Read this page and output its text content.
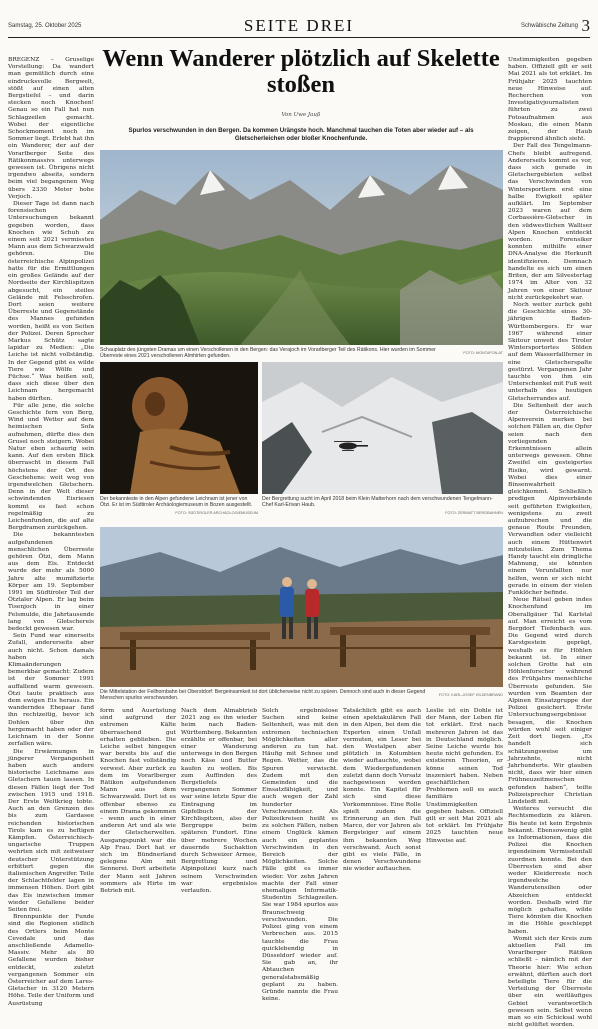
Samstag, 25. Oktober 2025	SEITE DREI	Schwäbische Zeitung 3

BREGENZ – Gruselige Vorstellung: Da wandert man gemütlich durch eine eindrucksvolle Bergwelt, stößt auf einen alten Bergstiefel – und darin stecken noch Knochen! Genau so ein Fall hat nun Schlagzeilen gemacht. Wobei der eigentliche Schockmoment noch im Sommer liegt. Erlebt hat ihn ein Wanderer, der auf der Vorarlberger Seite des Rätikonmassivs unterwegs gewesen ist. Übrigens nicht irgendwo abseits, sondern beim viel begangenen Weg übers 2330 Meter hohe Verjoch.

Dieser Tage ist dann nach forensischen Untersuchungen bekannt gegeben worden, dass Knochen wie Schuh zu einem seit 2021 vermissten Mann aus dem Schwarzwald gehören. Die österreichische Alpinpolizei hatte für die Ermittlungen ein großes Gelände auf der Nordseite der Kirchlispitzen abgesucht, ein steiles Gelände mit Felsschrofen. Dort seien weitere Überreste und Gegenstände des Mannes gefunden worden, heißt es von Seiten der Polizei. Deren Sprecher Markus Schütz sagte lapidar zu Medien: „Die Leiche ist nicht vollständig. In der Gegend gibt es wilde Tiere wie Wölfe und Füchse.“ Was heißen soll, dass sich diese über den Leichnam hergemacht haben dürften.

Für alle jene, die solche Geschichte fern von Berg, Wind und Wetter auf dem heimischen Sofa aufnehmen, dürfte dies den Grusel noch steigern. Wobei Natur eben schaurig sein kann. Auf den ersten Blick überrascht in diesem Fall höchstens der Ort des Geschehens: weit weg von irgendwelchen Gletschern. Denn in der Welt dieser schwindenden Eisriesen kommt es fast schon regelmäßig zu Leichenfunden, die auf alte Bergdramen zurückgehen.

Die bekanntesten aufgefundenen menschlichen Überreste gehören Ötzi, dem Mann aus dem Eis. Entdeckt wurde der mehr als 5000 Jahre alte mumifizierte Körper am 19. September 1991 im Südtiroler Teil der Ötztaler Alpen. Er lag beim Tisenjoch in einer Felsmulde, die Jahrtausende lang von Gletschereis bedeckt gewesen war.

Sein Fund war einerseits Zufall, andererseits aber auch nicht. Schon damals haben sich Klimaänderungen bemerkbar gemacht: Zudem ist der Sommer 1991 auffallend warm gewesen. Ötzi taute praktisch aus dem ewigen Eis heraus. Ein wanderndes Ehepaar fand ihn rechtzeitig, bevor ich Dohlen über ihn hergemacht haben oder der Leichnam in der Sonne zerfallen wäre.

Die Erwärmungen in jüngerer Vergangenheit haben auch andere historische Leichname aus Gletschern tauen lassen. In diesen Fällen liegt der Tod zwischen 1915 und 1918. Der Erste Weltkrieg tobte. Auch an den Grenzen des bis zum Gardasee reichenden historischen Tirols kam es zu heftigen Kämpfen. Österreichisch-ungarische Truppen wehrten sich mit zeitweiser deutscher Unterstützung erbittert gegen die italienischen Angreifer. Teile der Schlachtfelder lagen in immensen Höhen. Dort gibt das Eis inzwischen immer wieder Gefallene beider Seiten frei.

Brennpunkte der Funde sind die Regionen südlich des Ortlers beim Monte Cevedale und das anschließende Adamello-Massiv. Mehr als 80 Gefallene wurden bisher entdeckt, zuletzt vergangenen Sommer ein Österreicher auf dem Lares-Gletscher in 3120 Metern Höhe. Teile der Uniform und Ausrüstung

Wenn Wanderer plötzlich auf Skelette stoßen
Von Uwe Jauß
Spurlos verschwunden in den Bergen. Da kommen Urängste hoch. Manchmal tauchen die Toten aber wieder auf – als Gletscherleichen oder bloßer Knochenfunde.
Schauplatz des jüngsten Dramas um einen Verschollenen in den Bergen: das Verajoch im Vorarlberger Teil des Rätikons. Hier wurden im Sommer Überreste eines 2021 verschollenen Almhirten gefunden.
FOTO: MONTAFON.AT
Der bekannteste in den Alpen gefundene Leichnam ist jener von Ötzi. Er ist im Südtiroler Archäologiemuseum in Bozen ausgestellt.
FOTO: SÜDTIROLER ARCHÄOLOGIEMUSEUM
Der Bergrettung sucht im April 2018 beim Klein Matterhorn nach dem verschwundenen Tengelmann-Chef Karl-Erivan Haub.
FOTO: ZERMATT BERGBAHNEN
Die Mittelstation der Fellhornbahn bei Oberstdorf: Bergeinsamkeit ist dort üblicherweise nicht zu spüren. Dennoch sind auch in dieser Gegend Menschen spurlos verschwunden.
FOTO: KARL-JOSEF HILDENBRAND
form und Ausrüstung sind aufgrund der extremen Kälte überraschend gut erhalten geblieben. Die Leiche selbst hingegen war bereits bis auf die Knochen fast vollständig verwest. Aber zurück zu dem im Vorarlberger Rätikon aufgefundenen Mann aus dem Schwarzwald. Dort ist es offenbar ebenso zu einem Drama gekommen – wenn auch in einer anderen Art und als wie der Gletscherwelten. Ausgangspunkt war die Alp Frau. Dort hat er sich im Bündnerland gelegene Alm mit Sennerei. Dort arbeitete der Mann seit Jahren sommers als Hirte im Betrieb mit.
Nach dem Almabtrieb 2021 zog es ihn wieder heim nach Baden-Württemberg. Bekannten erzählte er offenbar, bei einer Wanderung unterwegs in den Bergen noch Käse und Butter kaufen zu wollen. Bis zum Auffinden des Bergstiefels vergangenen Sommer war seine letzte Spur die Eintragung im Gipfelbuch der Kirchlispitzen, also der Bergruppe beim späteren Fundort. Eine über mehrere Wochen dauernde Suchaktion durch Schweizer Armee, Bergrettung und Alpinpolizei kurz nach seinem Verschwinden war ergebnislos verlaufen.
Solch ergebnislose Suchen sind keine Seltenheit, was mit den extremen technischen Möglichkeiten aller anderen zu tun hat. Häufig mit Schnee und Regen. Wetter, das die Spuren verwischt. Zudem mit den Gemeinden und die Einsatzfähigkeit, und auch wegen der Zahl hunderter Verschwundener.	Als Polizeikreisen heißt es zu solchen Fällen, neben einem Unglück kämen auch ein geplantes Verschwinden in den Bereich der Möglichkeiten. Solche Fälle gibt es immer wieder. Vor zehn Jahren machte der Fall einer ehemaligen Informatik-Studentin Schlagzeilen. Sie war 1984 spurlos aus Braunschweig verschwunden. Die Polizei ging von einem Verbrechen aus. 2015 tauchte die Frau quicklebendig in Düsseldorf wieder auf. Sie gab an, ihr Abtauchen generalstabsmäßig geplant zu haben. Gründe nannte die Frau keine.
Tatsächlich gibt es auch einen spektakulären Fall in den Alpen, bei dem die Experten einen Unfall vermuten, ein Leser bei den Westalpen aber plötzlich in Kolumbien wieder auftauchte, wobei dem Wiedergefundenen zuletzt dann doch Vorsatz nachgewiesen werden konnte. Ein Kapitel für sich sind diese Vorkommnisse. Eine Rolle spielt zudem die Erinnerung an den Fall Marco, der vor Jahren als Bergsteiger auf einem ihm bekannten Weg verschwand. Auch sonst gibt es viele Fälle, in denen Verschwundene nie wieder auftauchen.
Leslie ist ein Dohle ist der Mann, der Leben für tot erklärt. Erst nach mehreren Jahren ist das in Deutschland möglich. Seine Leiche wurde bis heute nicht gefunden. Es existieren Theorien, er könne seinen Tod inszeniert haben. Neben geschäftlichen Problemen soll es auch familiäre Unstimmigkeiten gegeben haben. Offiziell gilt er seit Mai 2021 als tot erklärt. Im Frühjahr 2025 tauchten neue Hinweise auf.

Unstimmigkeiten gegeben haben. Offiziell gilt er seit Mai 2021 als tot erklärt. Im Frühjahr 2025 tauchten neue Hinweise auf. Recherchen von Investigativjournalisten führten zu zwei Fotoaufnahmen aus Moskau, die einen Mann zeigen, der Haub frappierend ähnlich sieht.

Der Fall des Tengelmann-Chefs bleibt aufregend. Andererseits kommt es vor, dass sich gerade in Gletschergebieten selbst das Verschwinden von Wintersportlern erst eine halbe Ewigkeit später aufklärt. Im September 2023 waren auf dem Corbassière-Gletscher in den südwestlichen Walliser Alpen Knochen entdeckt worden. Forensiker konnten mithilfe einer DNA-Analyse die Herkunft identifizieren. Demnach handelte es sich um einen Briten, der am Silvestertag 1974 im Alter von 32 Jahren von einer Skitour nicht zurückgekehrt war.

Noch weiter zurück geht die Geschichte eines 30-jährigen Baden-Württembergers. Er war 1967 während einer Skitour unweit des Tiroler Wintersportortes Sölden auf dem Wasserfallferner in eine Gletscherspalte gestürzt. Vergangenen Jahr tauchte von ihm ein Unterschenkel mit Fuß weit unterhalb des heutigen Gletscherrandes auf.

Die Seltenheit der auch der Österreichische Alpenverein merken bei solchen Fällen an, die Opfer seien nach den vorliegenden Erkenntnissen allein unterwegs gewesen. Ohne Zweifel ein gesteigertes Risiko, wird gewarnt. Wobei dies einer Binsenwahrheit gleichkommt. Schließlich predigen Alpinverbände seit geführten Ewigkeiten, wenigstens zu zweit aufzubrechen und die genaue Route Freunden, Verwandten oder vielleicht auch einem Hüttenwirt mitzuteilen. Zum Thema Handy taucht ein dringliche Mahnung, sie könnten einem Verunfallten nur helfen, wenn er sich nicht gerade in einem der vielen Funklöcher befinde.

Neue Rätsel geben indes Knochenfund im Oberallgäuer Tal Karlstal auf. Man erreicht es vom Bergdorf Tiefenbach aus. Die Gegend wird durch Karstgestein geprägt, weshalb es für Höhlen bekannt ist. In einer solchen Grotte hat ein Höhlenforscher während des Frühjahrs menschliche Überreste gefunden. Sie wurden von Beamten der Alpinen Einsatzgruppe der Polizei gesichert. Erste Untersuchungsergebnisse besagen, die Knochen würden wohl seit einiger Zeit dort liegen. „Es handelt sich schätzungsweise um Jahrzehnte, nicht Jahrhunderte. Wir glauben nicht, dass wir hier einen Frühneuzeitmenschen gefunden haben“, teilte Polizeisprecher Christian Lindstedt mit.

Weiteres versucht die Rechtsmedizin zu klären. Bis heute ist kein Ergebnis bekannt. Ebensowenig gibt es Informationen, dass die Polizei die Knochen irgendeinem Vermisstenfall zuordnen konnte. Bei den Überresten sind aber weder Kleiderreste noch irgendwelche Wanderutensilien oder Abzeichen entdeckt worden. Deshalb wird für möglich gehalten, wilde Tiere könnten die Knochen in die Höhle geschleppt haben.

Womit sich der Kreis zum aktuellen Fall im Vorarlberger Rätikon schließt – nämlich mit der Theorie hier: Wie schon erwähnt, dürften auch dort beteiligte Tiere für die Verteilung der Überreste über ein weitläufiges Gebiet verantwortlich gewesen sein. Selbst wenn man so ein Schicksal wohl nicht gelüftet worden.
